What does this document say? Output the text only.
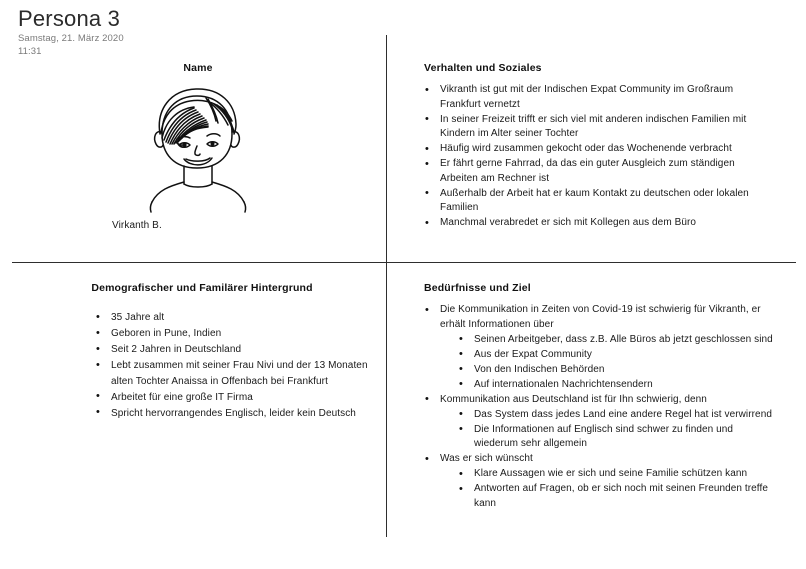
Persona 3
Samstag, 21. März 2020
11:31
Name
Virkanth B.
Verhalten und Soziales
• Vikranth ist gut mit der Indischen Expat Community im Großraum Frankfurt vernetzt
• In seiner Freizeit trifft er sich viel mit anderen indischen Familien mit Kindern im Alter seiner Tochter
• Häufig wird zusammen gekocht oder das Wochenende verbracht
• Er fährt gerne Fahrrad, da das ein guter Ausgleich zum ständigen Arbeiten am Rechner ist
• Außerhalb der Arbeit hat er kaum Kontakt zu deutschen oder lokalen Familien
• Manchmal verabredet er sich mit Kollegen aus dem Büro
Demografischer und Familärer Hintergrund
• 35 Jahre alt
• Geboren in Pune, Indien
• Seit 2 Jahren in Deutschland
• Lebt zusammen mit seiner Frau Nivi und der 13 Monaten alten Tochter Anaissa in Offenbach bei Frankfurt
• Arbeitet für eine große IT Firma
• Spricht hervorrangendes Englisch, leider kein Deutsch
Bedürfnisse und Ziel
• Die Kommunikation in Zeiten von Covid-19 ist schwierig für Vikranth, er erhält Informationen über
• Seinen Arbeitgeber, dass z.B. Alle Büros ab jetzt geschlossen sind
• Aus der Expat Community
• Von den Indischen Behörden
• Auf internationalen Nachrichtensendern
• Kommunikation aus Deutschland ist für Ihn schwierig, denn
• Das System dass jedes Land eine andere Regel hat ist verwirrend
• Die Informationen auf Englisch sind schwer zu finden und wiederum sehr allgemein
• Was er sich wünscht
• Klare Aussagen wie er sich und seine Familie schützen kann
• Antworten auf Fragen, ob er sich noch mit seinen Freunden treffe kann
